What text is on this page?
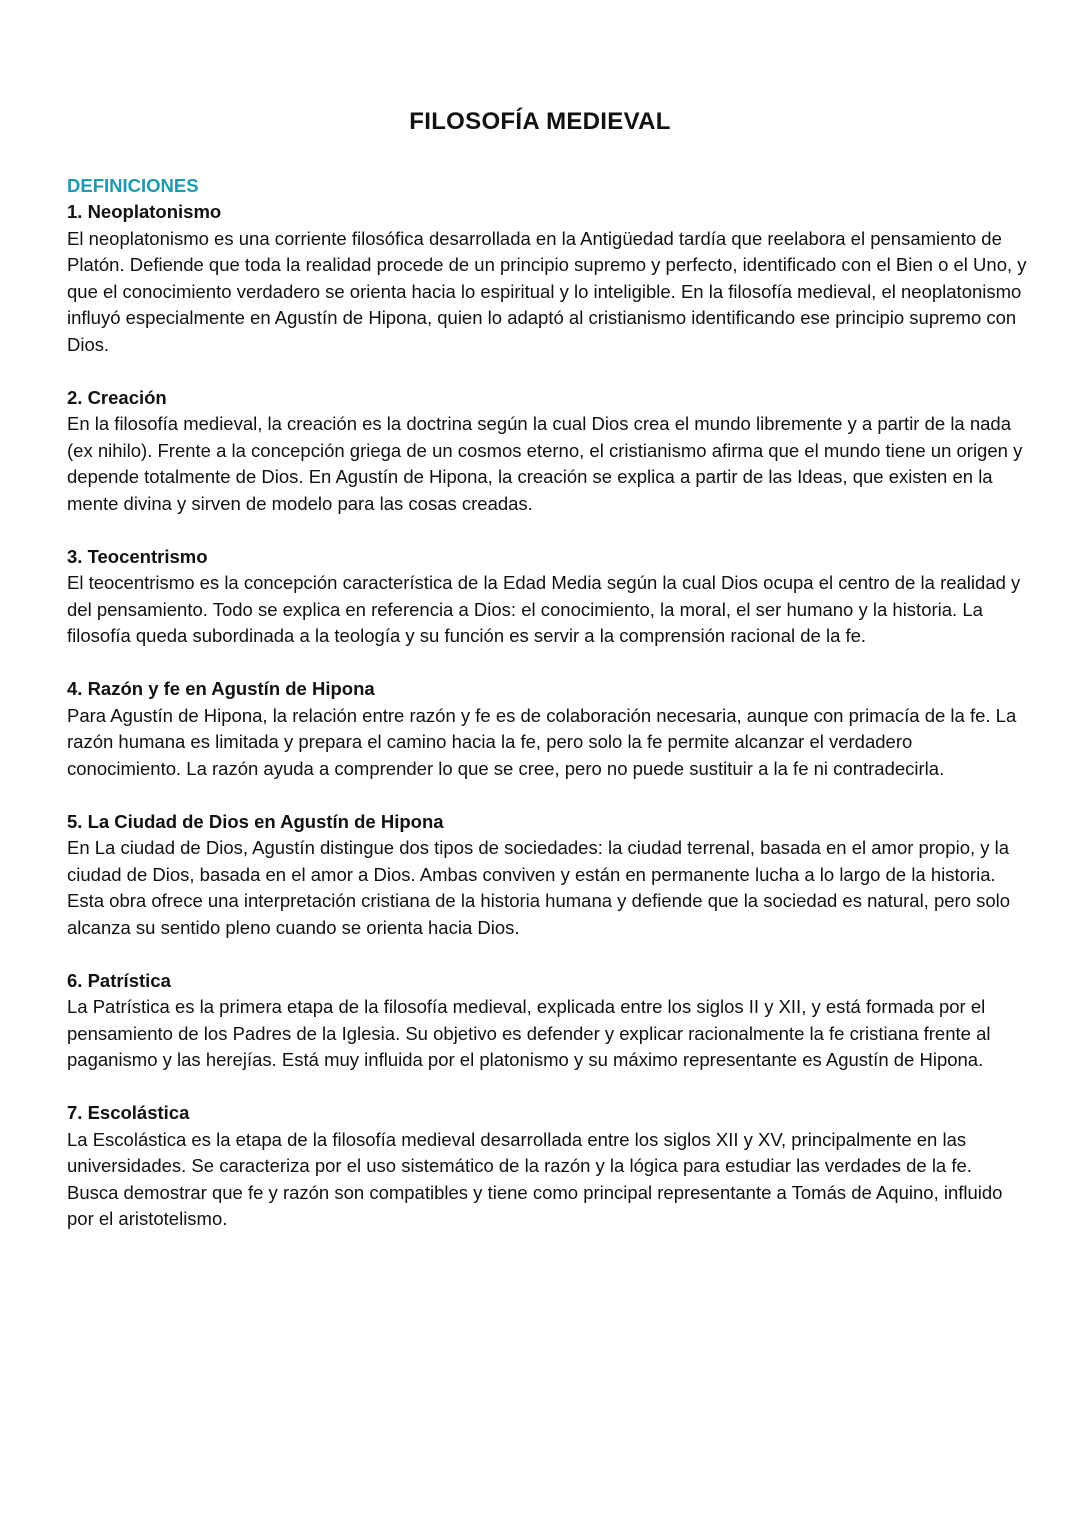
FILOSOFÍA MEDIEVAL

DEFINICIONES

1. Neoplatonismo

El neoplatonismo es una corriente filosófica desarrollada en la Antigüedad tardía que reelabora el pensamiento de Platón. Defiende que toda la realidad procede de un principio supremo y perfecto, identificado con el Bien o el Uno, y que el conocimiento verdadero se orienta hacia lo espiritual y lo inteligible. En la filosofía medieval, el neoplatonismo influyó especialmente en Agustín de Hipona, quien lo adaptó al cristianismo identificando ese principio supremo con Dios.

2. Creación

En la filosofía medieval, la creación es la doctrina según la cual Dios crea el mundo libremente y a partir de la nada (ex nihilo). Frente a la concepción griega de un cosmos eterno, el cristianismo afirma que el mundo tiene un origen y depende totalmente de Dios. En Agustín de Hipona, la creación se explica a partir de las Ideas, que existen en la mente divina y sirven de modelo para las cosas creadas.

3. Teocentrismo

El teocentrismo es la concepción característica de la Edad Media según la cual Dios ocupa el centro de la realidad y del pensamiento. Todo se explica en referencia a Dios: el conocimiento, la moral, el ser humano y la historia. La filosofía queda subordinada a la teología y su función es servir a la comprensión racional de la fe.

4. Razón y fe en Agustín de Hipona

Para Agustín de Hipona, la relación entre razón y fe es de colaboración necesaria, aunque con primacía de la fe. La razón humana es limitada y prepara el camino hacia la fe, pero solo la fe permite alcanzar el verdadero conocimiento. La razón ayuda a comprender lo que se cree, pero no puede sustituir a la fe ni contradecirla.

5. La Ciudad de Dios en Agustín de Hipona

En La ciudad de Dios, Agustín distingue dos tipos de sociedades: la ciudad terrenal, basada en el amor propio, y la ciudad de Dios, basada en el amor a Dios. Ambas conviven y están en permanente lucha a lo largo de la historia. Esta obra ofrece una interpretación cristiana de la historia humana y defiende que la sociedad es natural, pero solo alcanza su sentido pleno cuando se orienta hacia Dios.

6. Patrística

La Patrística es la primera etapa de la filosofía medieval, explicada entre los siglos II y XII, y está formada por el pensamiento de los Padres de la Iglesia. Su objetivo es defender y explicar racionalmente la fe cristiana frente al paganismo y las herejías. Está muy influida por el platonismo y su máximo representante es Agustín de Hipona.

7. Escolástica

La Escolástica es la etapa de la filosofía medieval desarrollada entre los siglos XII y XV, principalmente en las universidades. Se caracteriza por el uso sistemático de la razón y la lógica para estudiar las verdades de la fe. Busca demostrar que fe y razón son compatibles y tiene como principal representante a Tomás de Aquino, influido por el aristotelismo.
